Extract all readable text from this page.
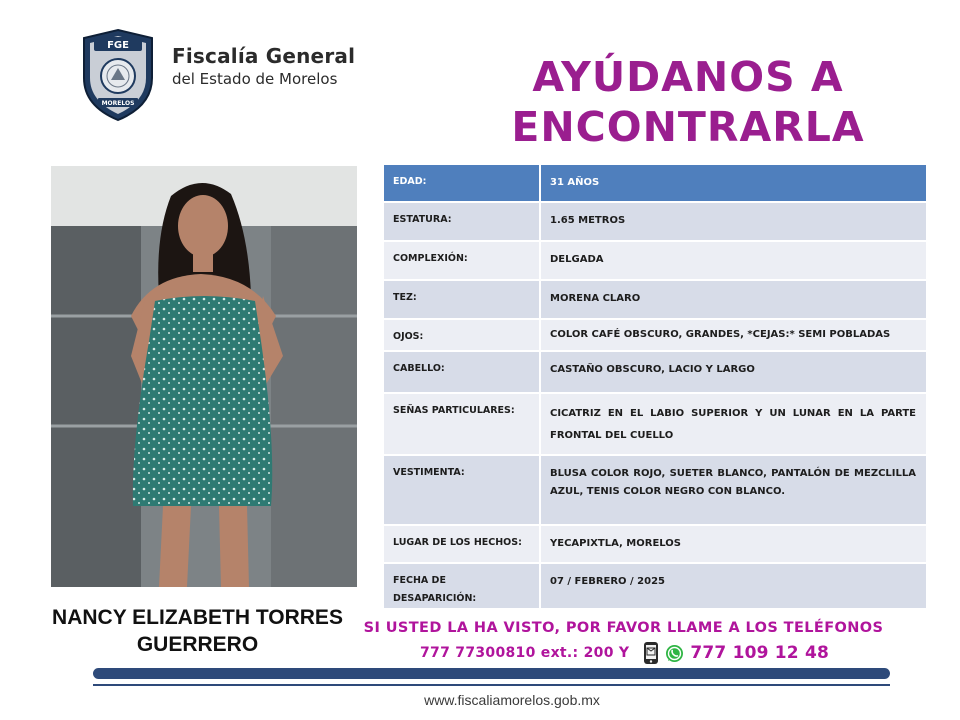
FGE
MORELOS
Fiscalía General
del Estado de Morelos	AYÚDANOS A
ENCONTRARLA
NANCY ELIZABETH TORRES
GUERRERO
EDAD:	31 AÑOS
ESTATURA:	1.65 METROS
COMPLEXIÓN:	DELGADA
TEZ:	MORENA CLARO
OJOS:	COLOR CAFÉ OBSCURO, GRANDES, *CEJAS:* SEMI POBLADAS
CABELLO:	CASTAÑO OBSCURO, LACIO Y LARGO
SEÑAS PARTICULARES:	CICATRIZ EN EL LABIO SUPERIOR Y UN LUNAR EN LA PARTE FRONTAL DEL CUELLO
VESTIMENTA:	BLUSA COLOR ROJO, SUETER BLANCO, PANTALÓN DE MEZCLILLA AZUL, TENIS COLOR NEGRO CON BLANCO.
LUGAR DE LOS HECHOS:	YECAPIXTLA, MORELOS
FECHA DE DESAPARICIÓN:	07 / FEBRERO / 2025
SI USTED LA HA VISTO, POR FAVOR LLAME A LOS TELÉFONOS
777 77300810 ext.: 200 Y	777 109 12 48
www.fiscaliamorelos.gob.mx
